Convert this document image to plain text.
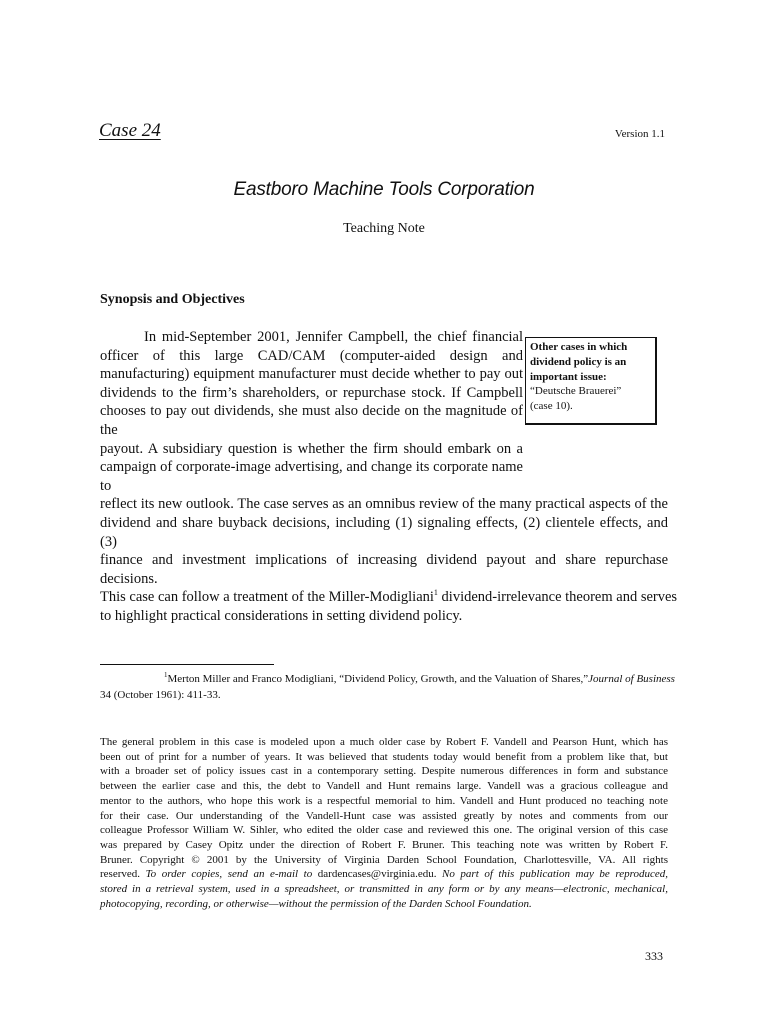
Case 24	Version 1.1
Eastboro Machine Tools Corporation
Teaching Note
Synopsis and Objectives
In mid-September 2001, Jennifer Campbell, the chief financial
officer of this large CAD/CAM (computer-aided design and
manufacturing) equipment manufacturer must decide whether to pay out
dividends to the firm’s shareholders, or repurchase stock. If Campbell
chooses to pay out dividends, she must also decide on the magnitude of the
payout. A subsidiary question is whether the firm should embark on a
campaign of corporate-image advertising, and change its corporate name to
reflect its new outlook. The case serves as an omnibus review of the many practical aspects of the
dividend and share buyback decisions, including (1) signaling effects, (2) clientele effects, and (3)
finance and investment implications of increasing dividend payout and share repurchase decisions.
This case can follow a treatment of the Miller-Modigliani$^1$ dividend-irrelevance theorem and serves
to highlight practical considerations in setting dividend policy.
Other cases in which
dividend policy is an
important issue:
“Deutsche Brauerei”
(case 10).
$^1$Merton Miller and Franco Modigliani, “Dividend Policy, Growth, and the Valuation of Shares,”Journal of Business
34 (October 1961): 411-33.
The general problem in this case is modeled upon a much older case by Robert F. Vandell and Pearson Hunt, which has
been out of print for a number of years. It was believed that students today would benefit from a problem like that, but
with a broader set of policy issues cast in a contemporary setting. Despite numerous differences in form and substance
between the earlier case and this, the debt to Vandell and Hunt remains large. Vandell was a gracious colleague and
mentor to the authors, who hope this work is a respectful memorial to him. Vandell and Hunt produced no teaching note
for their case. Our understanding of the Vandell-Hunt case was assisted greatly by notes and comments from our
colleague Professor William W. Sihler, who edited the older case and reviewed this one. The original version of this case
was prepared by Casey Opitz under the direction of Robert F. Bruner. This teaching note was written by Robert F.
Bruner. Copyright © 2001 by the University of Virginia Darden School Foundation, Charlottesville, VA. All rights
reserved. To order copies, send an e-mail to dardencases@virginia.edu. No part of this publication may be reproduced,
stored in a retrieval system, used in a spreadsheet, or transmitted in any form or by any means—electronic, mechanical,
photocopying, recording, or otherwise—without the permission of the Darden School Foundation.
333
